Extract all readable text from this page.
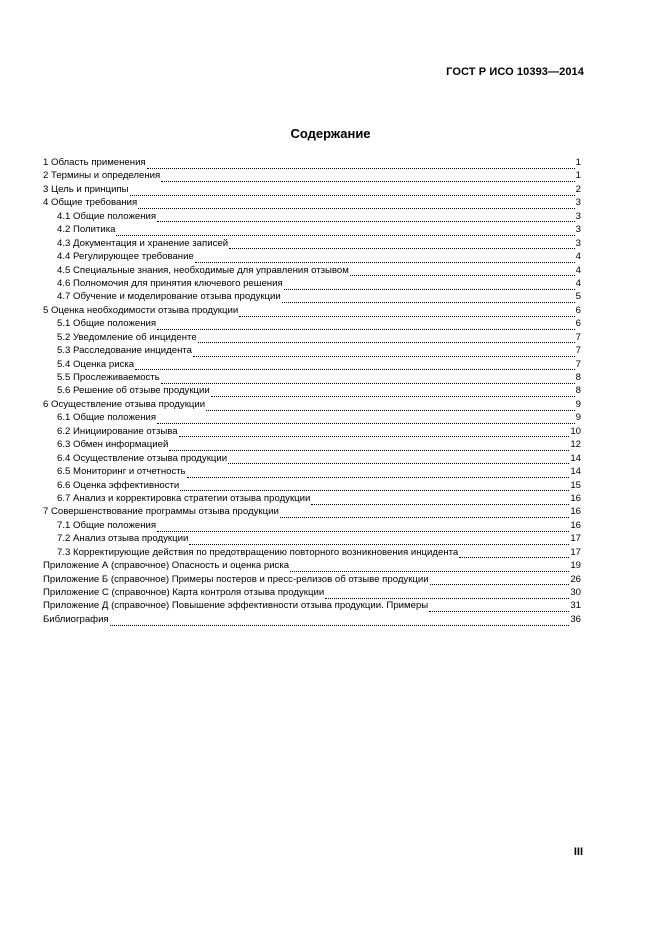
ГОСТ Р ИСО 10393—2014
Содержание
1 Область применения	1
2 Термины и определения	1
3 Цель и принципы	2
4 Общие требования	3
4.1 Общие положения	3
4.2 Политика	3
4.3 Документация и хранение записей	3
4.4 Регулирующее требование	4
4.5 Специальные знания, необходимые для управления отзывом	4
4.6 Полномочия для принятия ключевого решения	4
4.7 Обучение и моделирование отзыва продукции	5
5 Оценка необходимости отзыва продукции	6
5.1 Общие положения	6
5.2 Уведомление об инциденте	7
5.3 Расследование инцидента	7
5.4 Оценка риска	7
5.5 Прослеживаемость	8
5.6 Решение об отзыве продукции	8
6 Осуществление отзыва продукции	9
6.1 Общие положения	9
6.2 Инициирование отзыва	10
6.3 Обмен информацией	12
6.4 Осуществление отзыва продукции	14
6.5 Мониторинг и отчетность	14
6.6 Оценка эффективности	15
6.7 Анализ и корректировка стратегии отзыва продукции	16
7 Совершенствование программы отзыва продукции	16
7.1 Общие положения	16
7.2 Анализ отзыва продукции	17
7.3 Корректирующие действия по предотвращению повторного возникновения инцидента	17
Приложение А (справочное) Опасность и оценка риска	19
Приложение Б (справочное) Примеры постеров и пресс-релизов об отзыве продукции	26
Приложение С (справочное) Карта контроля отзыва продукции	30
Приложение Д (справочное) Повышение эффективности отзыва продукции. Примеры	31
Библиография	36
III
